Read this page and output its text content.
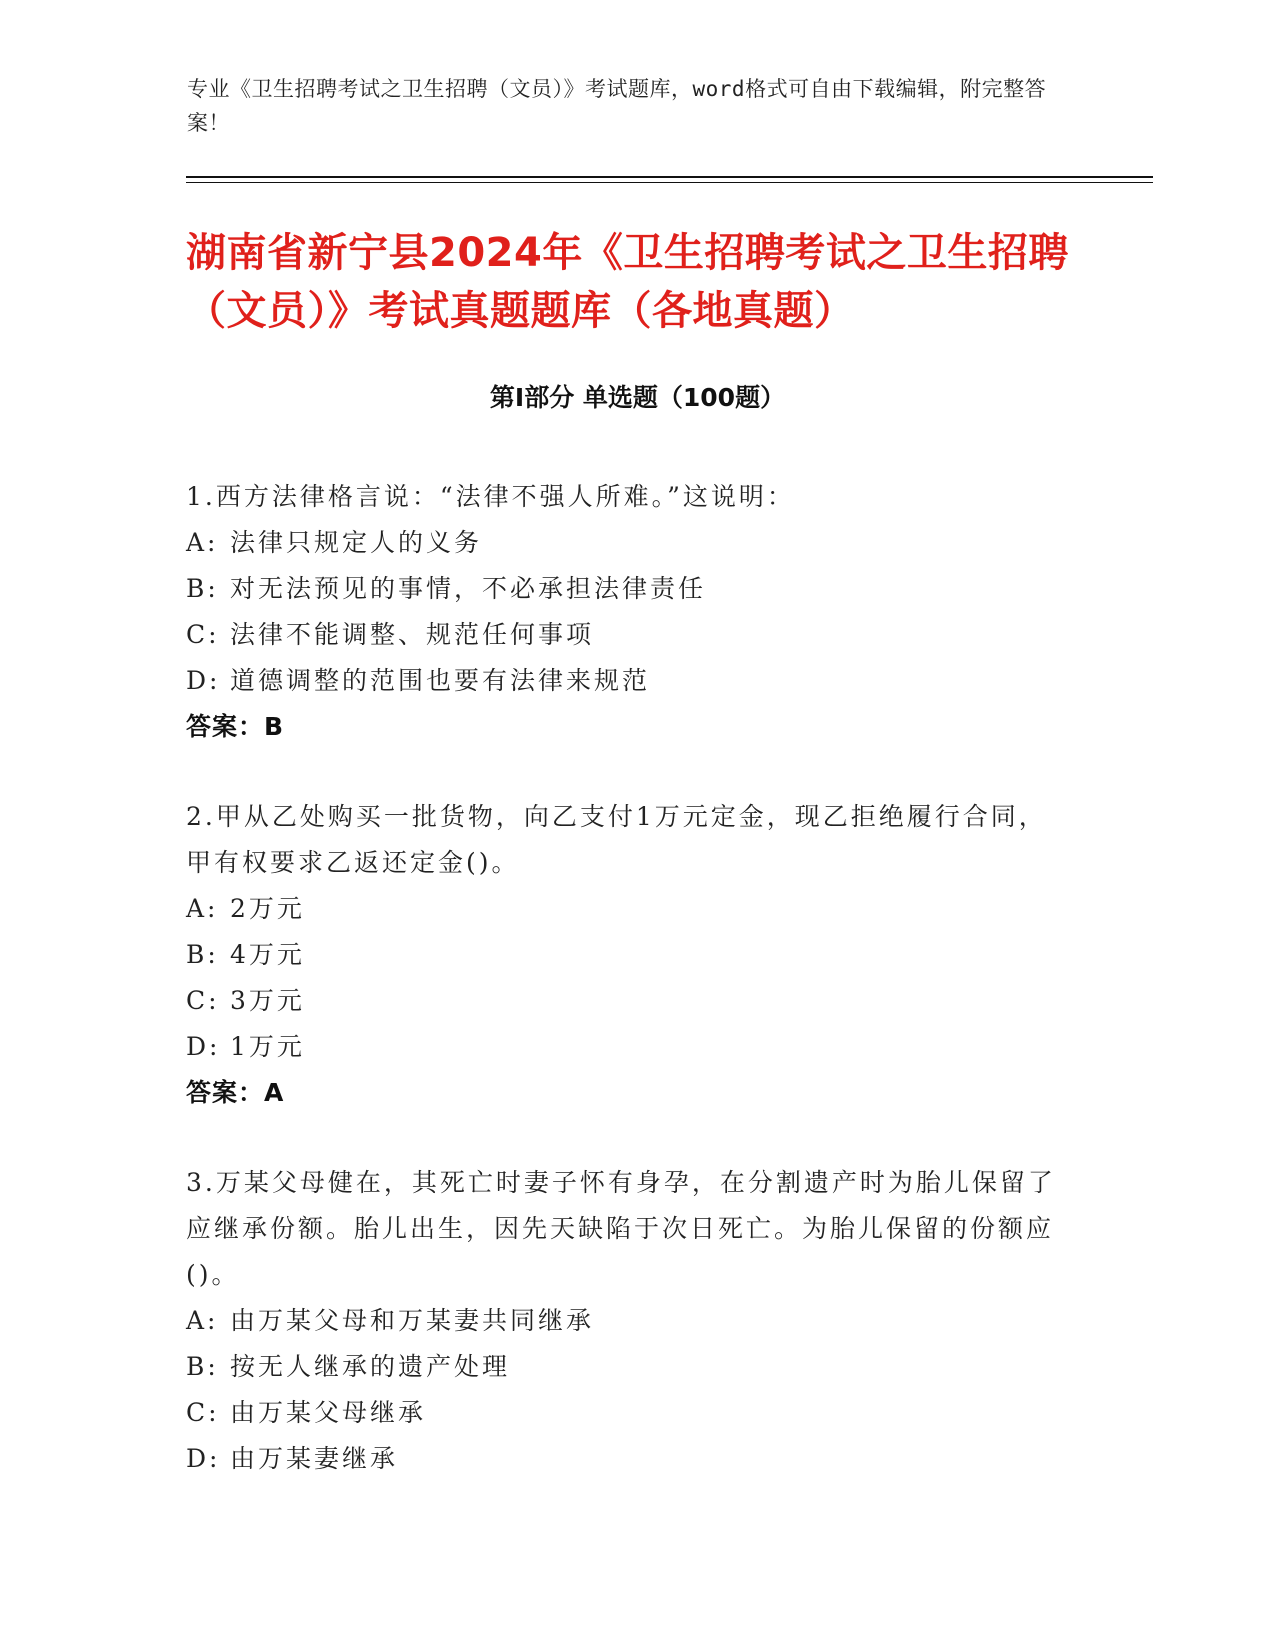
专业《卫生招聘考试之卫生招聘（文员）》考试题库，word格式可自由下载编辑，附完整答案！
湖南省新宁县2024年《卫生招聘考试之卫生招聘（文员）》考试真题题库（各地真题）
第I部分 单选题（100题）
1.西方法律格言说：“法律不强人所难。”这说明：
A: 法律只规定人的义务
B: 对无法预见的事情，不必承担法律责任
C: 法律不能调整、规范任何事项
D: 道德调整的范围也要有法律来规范
答案：B
2.甲从乙处购买一批货物，向乙支付1万元定金，现乙拒绝履行合同，甲有权要求乙返还定金()。
A: 2万元
B: 4万元
C: 3万元
D: 1万元
答案：A
3.万某父母健在，其死亡时妻子怀有身孕，在分割遗产时为胎儿保留了应继承份额。胎儿出生，因先天缺陷于次日死亡。为胎儿保留的份额应()。
A: 由万某父母和万某妻共同继承
B: 按无人继承的遗产处理
C: 由万某父母继承
D: 由万某妻继承
